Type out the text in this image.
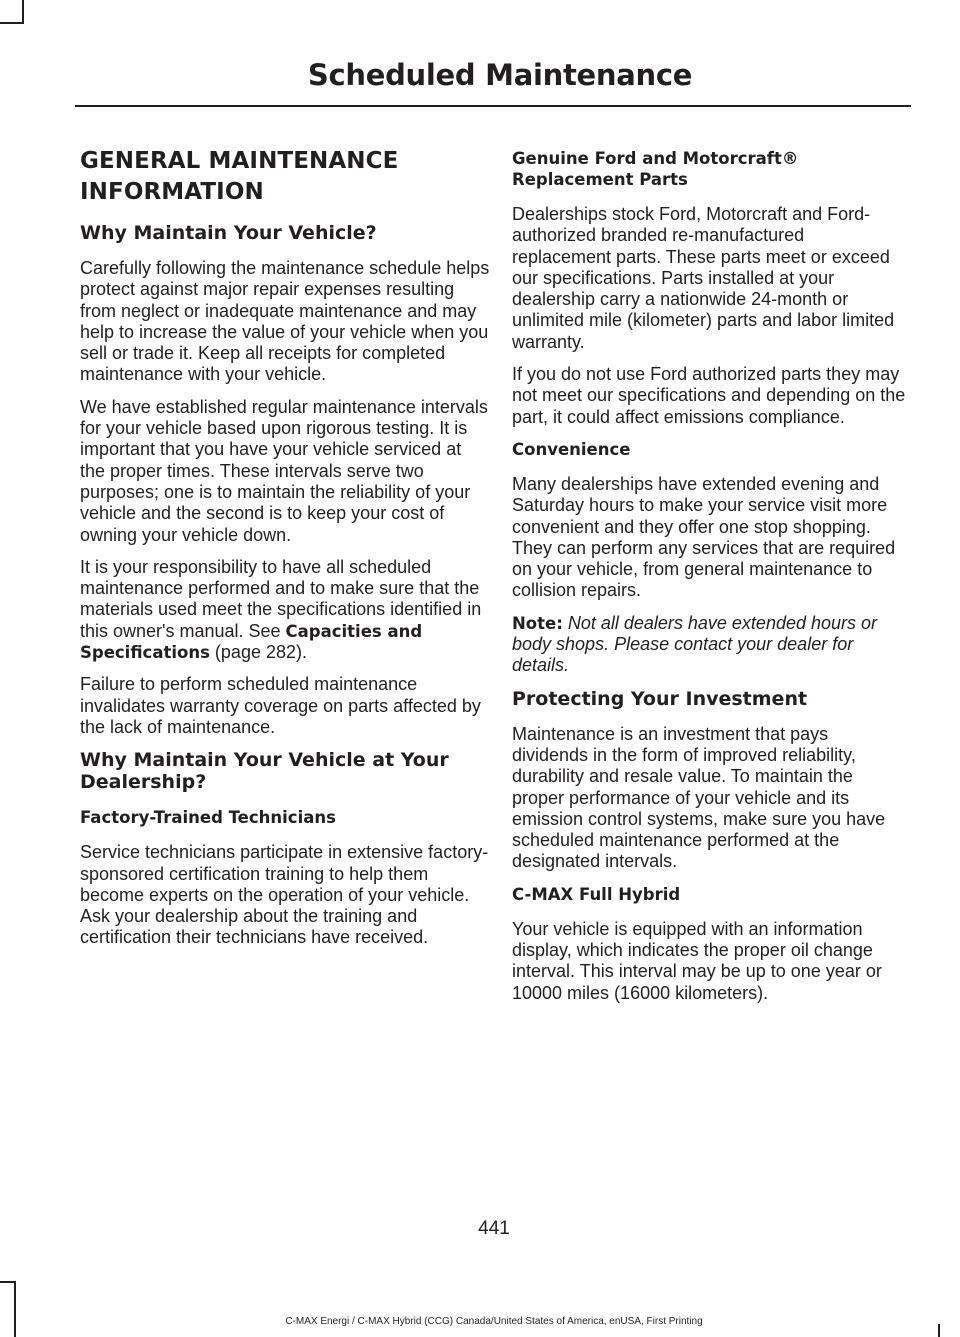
Scheduled Maintenance
GENERAL MAINTENANCE INFORMATION
Why Maintain Your Vehicle?

Carefully following the maintenance schedule helps protect against major repair expenses resulting from neglect or inadequate maintenance and may help to increase the value of your vehicle when you sell or trade it. Keep all receipts for completed maintenance with your vehicle.

We have established regular maintenance intervals for your vehicle based upon rigorous testing. It is important that you have your vehicle serviced at the proper times. These intervals serve two purposes; one is to maintain the reliability of your vehicle and the second is to keep your cost of owning your vehicle down.

It is your responsibility to have all scheduled maintenance performed and to make sure that the materials used meet the specifications identified in this owner's manual. See Capacities and Specifications (page 282).

Failure to perform scheduled maintenance invalidates warranty coverage on parts affected by the lack of maintenance.

Why Maintain Your Vehicle at Your Dealership?
Factory-Trained Technicians

Service technicians participate in extensive factory-sponsored certification training to help them become experts on the operation of your vehicle. Ask your dealership about the training and certification their technicians have received.

Genuine Ford and Motorcraft® Replacement Parts

Dealerships stock Ford, Motorcraft and Ford-authorized branded re-manufactured replacement parts. These parts meet or exceed our specifications. Parts installed at your dealership carry a nationwide 24-month or unlimited mile (kilometer) parts and labor limited warranty.

If you do not use Ford authorized parts they may not meet our specifications and depending on the part, it could affect emissions compliance.

Convenience

Many dealerships have extended evening and Saturday hours to make your service visit more convenient and they offer one stop shopping. They can perform any services that are required on your vehicle, from general maintenance to collision repairs.

Note: Not all dealers have extended hours or body shops. Please contact your dealer for details.

Protecting Your Investment

Maintenance is an investment that pays dividends in the form of improved reliability, durability and resale value. To maintain the proper performance of your vehicle and its emission control systems, make sure you have scheduled maintenance performed at the designated intervals.

C-MAX Full Hybrid

Your vehicle is equipped with an information display, which indicates the proper oil change interval. This interval may be up to one year or 10000 miles (16000 kilometers).

441
C-MAX Energi / C-MAX Hybrid (CCG) Canada/United States of America, enUSA, First Printing
